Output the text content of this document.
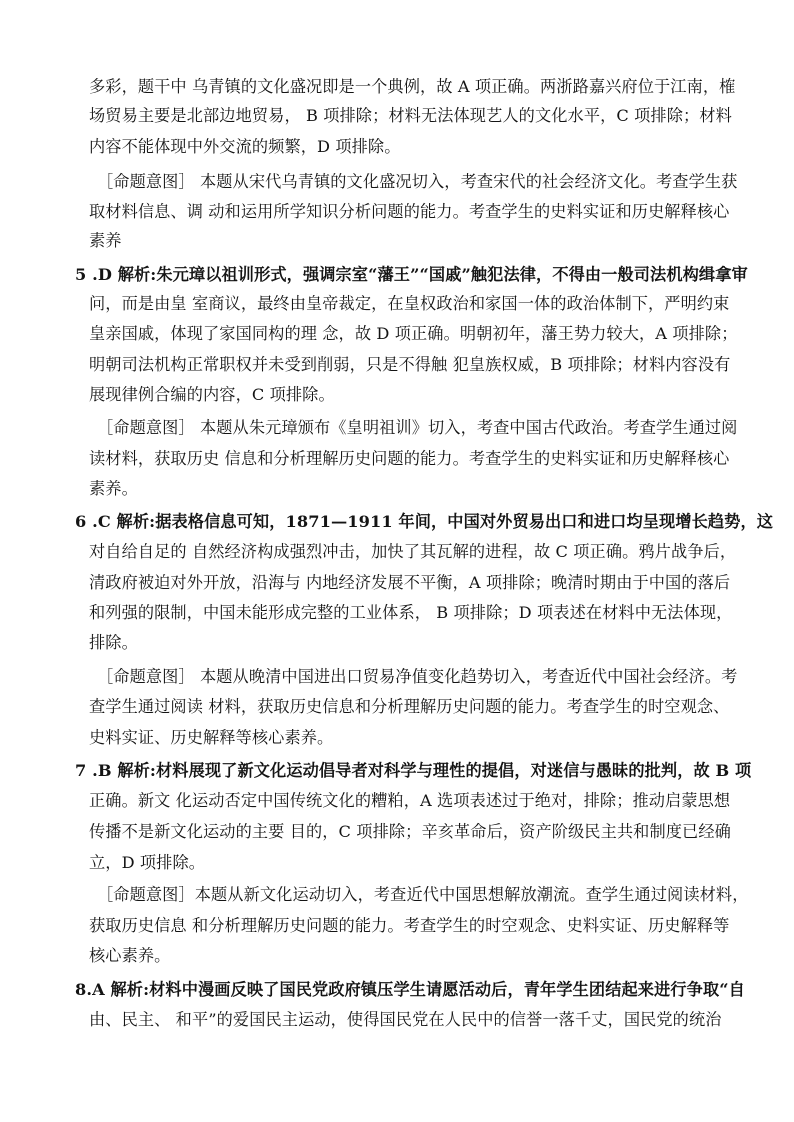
多彩，题干中 乌青镇的文化盛况即是一个典例，故 A 项正确。两浙路嘉兴府位于江南，榷
场贸易主要是北部边地贸易， B 项排除；材料无法体现艺人的文化水平，C 项排除；材料
内容不能体现中外交流的频繁，D 项排除。
［命题意图］ 本题从宋代乌青镇的文化盛况切入，考查宋代的社会经济文化。考查学生获
取材料信息、调 动和运用所学知识分析问题的能力。考查学生的史料实证和历史解释核心
素养
5 .D 解析:朱元璋以祖训形式，强调宗室“藩王”“国戚”触犯法律，不得由一般司法机构缉拿审
问，而是由皇 室商议，最终由皇帝裁定，在皇权政治和家国一体的政治体制下，严明约束
皇亲国戚，体现了家国同构的理 念，故 D 项正确。明朝初年，藩王势力较大，A 项排除；
明朝司法机构正常职权并未受到削弱，只是不得触 犯皇族权威，B 项排除；材料内容没有
展现律例合编的内容，C 项排除。
［命题意图］ 本题从朱元璋颁布《皇明祖训》切入，考查中国古代政治。考查学生通过阅
读材料，获取历史 信息和分析理解历史问题的能力。考查学生的史料实证和历史解释核心
素养。
6 .C 解析:据表格信息可知，1871—1911 年间，中国对外贸易出口和进口均呈现增长趋势，这
对自给自足的 自然经济构成强烈冲击，加快了其瓦解的进程，故 C 项正确。鸦片战争后，
清政府被迫对外开放，沿海与 内地经济发展不平衡，A 项排除；晚清时期由于中国的落后
和列强的限制，中国未能形成完整的工业体系， B 项排除；D 项表述在材料中无法体现，
排除。
［命题意图］ 本题从晚清中国进出口贸易净值变化趋势切入，考查近代中国社会经济。考
查学生通过阅读 材料，获取历史信息和分析理解历史问题的能力。考查学生的时空观念、
史料实证、历史解释等核心素养。
7 .B 解析:材料展现了新文化运动倡导者对科学与理性的提倡，对迷信与愚昧的批判，故 B 项
正确。新文 化运动否定中国传统文化的糟粕，A 选项表述过于绝对，排除；推动启蒙思想
传播不是新文化运动的主要 目的，C 项排除；辛亥革命后，资产阶级民主共和制度已经确
立，D 项排除。
［命题意图］本题从新文化运动切入，考查近代中国思想解放潮流。查学生通过阅读材料，
获取历史信息 和分析理解历史问题的能力。考查学生的时空观念、史料实证、历史解释等
核心素养。
8.A 解析:材料中漫画反映了国民党政府镇压学生请愿活动后，青年学生团结起来进行争取“自
由、民主、 和平”的爱国民主运动，使得国民党在人民中的信誉一落千丈，国民党的统治
